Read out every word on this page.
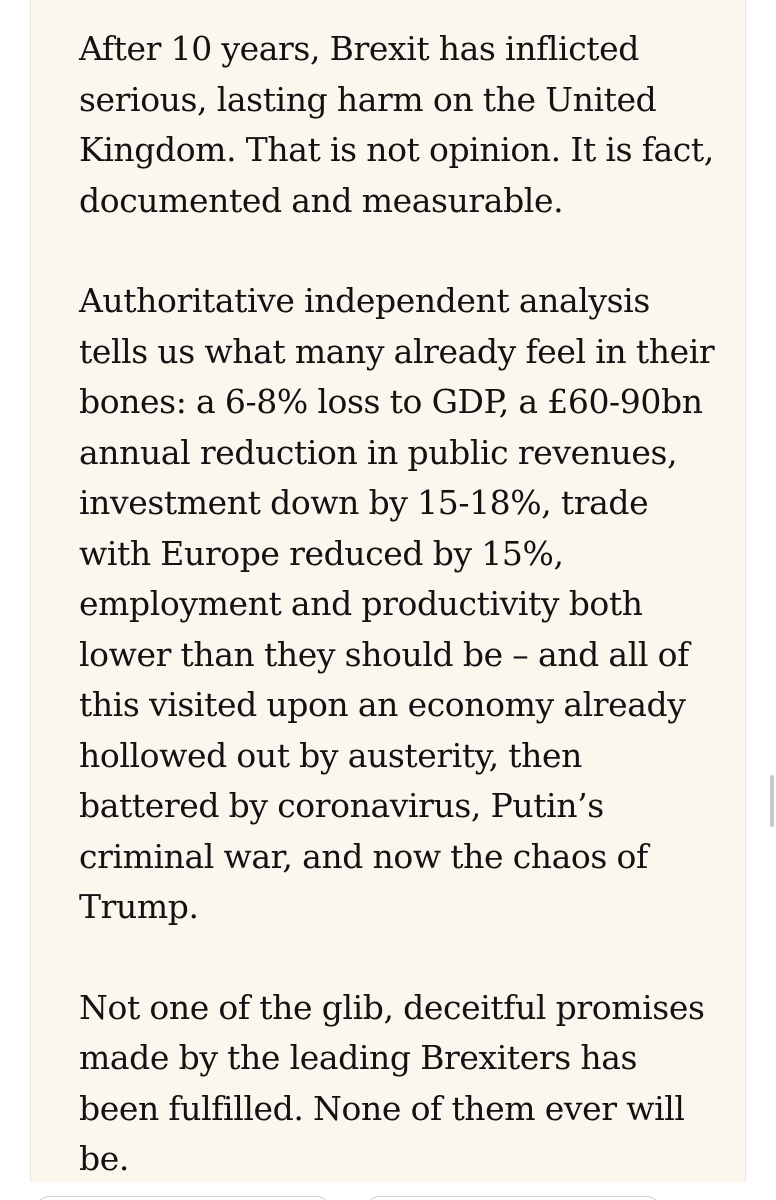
After 10 years, Brexit has inflicted serious, lasting harm on the United Kingdom. That is not opinion. It is fact, documented and measurable.

Authoritative independent analysis tells us what many already feel in their bones: a 6-8% loss to GDP, a £60-90bn annual reduction in public revenues, investment down by 15-18%, trade with Europe reduced by 15%, employment and productivity both lower than they should be – and all of this visited upon an economy already hollowed out by austerity, then battered by coronavirus, Putin’s criminal war, and now the chaos of Trump.

Not one of the glib, deceitful promises made by the leading Brexiters has been fulfilled. None of them ever will be.
